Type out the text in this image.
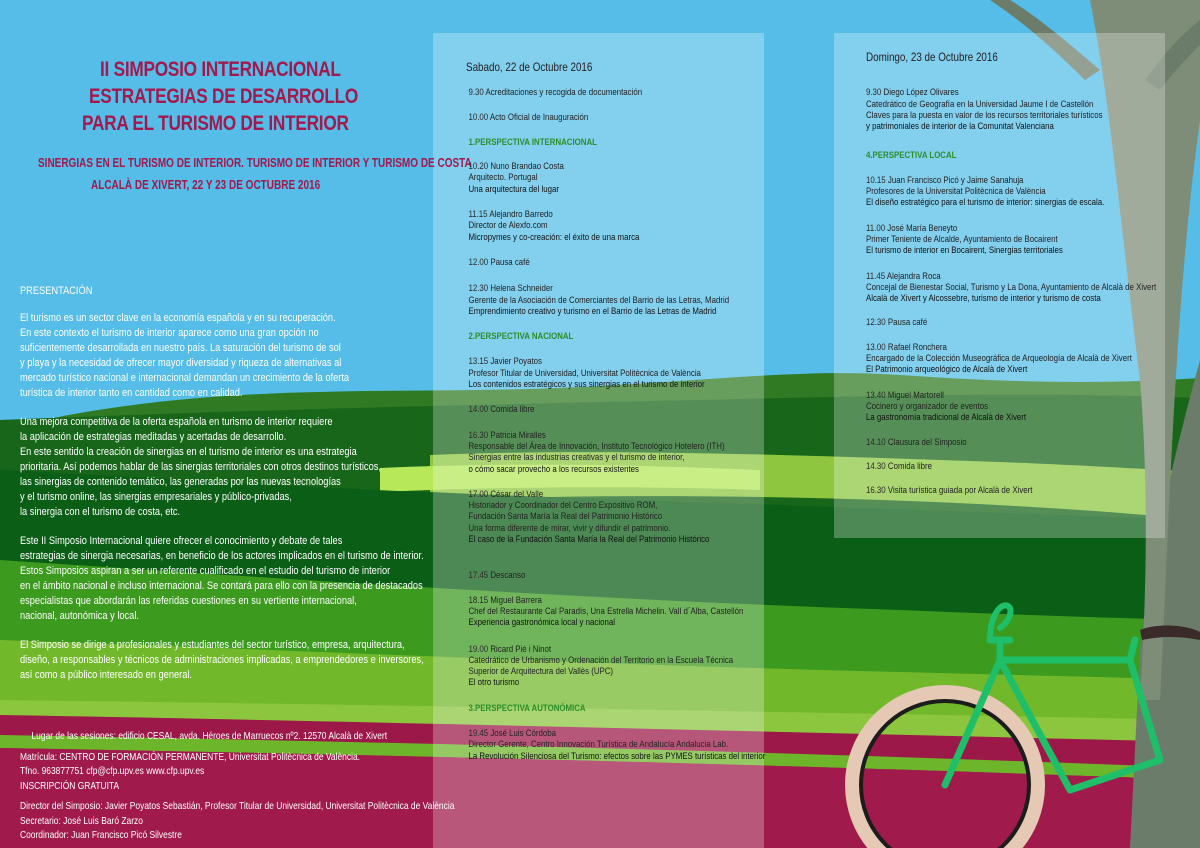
II SIMPOSIO INTERNACIONAL
ESTRATEGIAS DE DESARROLLO
PARA EL TURISMO DE INTERIOR
SINERGIAS EN EL TURISMO DE INTERIOR. TURISMO DE INTERIOR Y TURISMO DE COSTA
ALCALÀ DE XIVERT, 22 Y 23 DE OCTUBRE 2016
PRESENTACIÓN
El turismo es un sector clave en la economía española y en su recuperación.
En este contexto el turismo de interior aparece como una gran opción no
suficientemente desarrollada en nuestro país. La saturación del turismo de sol
y playa y la necesidad de ofrecer mayor diversidad y riqueza de alternativas al
mercado turístico nacional e internacional demandan un crecimiento de la oferta
turística de interior tanto en cantidad como en calidad.
Una mejora competitiva de la oferta española en turismo de interior requiere
la aplicación de estrategias meditadas y acertadas de desarrollo.
En este sentido la creación de sinergias en el turismo de interior es una estrategia
prioritaria. Así podemos hablar de las sinergias territoriales con otros destinos turísticos,
las sinergias de contenido temático, las generadas por las nuevas tecnologías
y el turismo online, las sinergias empresariales y público-privadas,
la sinergia con el turismo de costa, etc.
Este II Simposio Internacional quiere ofrecer el conocimiento y debate de tales
estrategias de sinergia necesarias, en beneficio de los actores implicados en el turismo de interior.
Estos Simposios aspiran a ser un referente cualificado en el estudio del turismo de interior
en el ámbito nacional e incluso internacional. Se contará para ello con la presencia de destacados
especialistas que abordarán las referidas cuestiones en su vertiente internacional,
nacional, autonómica y local.
El Simposio se dirige a profesionales y estudiantes del sector turístico, empresa, arquitectura,
diseño, a responsables y técnicos de administraciones implicadas, a emprendedores e inversores,
así como a público interesado en general.
Lugar de las sesiones: edificio CESAL, avda. Héroes de Marruecos nº2. 12570 Alcalà de Xivert
Matrícula: CENTRO DE FORMACIÓN PERMANENTE, Universitat Politècnica de València.
Tfno. 963877751 cfp@cfp.upv.es www.cfp.upv.es
INSCRIPCIÓN GRATUITA
Director del Simposio: Javier Poyatos Sebastián, Profesor Titular de Universidad, Universitat Politècnica de València
Secretario: José Luis Baró Zarzo
Coordinador: Juan Francisco Picó Silvestre
Sabado, 22 de Octubre 2016
9.30 Acreditaciones y recogida de documentación
10.00 Acto Oficial de Inauguración
1.PERSPECTIVA INTERNACIONAL
10.20 Nuno Brandao Costa
Arquitecto. Portugal
Una arquitectura del lugar
11.15 Alejandro Barredo
Director de Alexfo.com
Micropymes y co-creación: el éxito de una marca
12.00 Pausa café
12.30 Helena Schneider
Gerente de la Asociación de Comerciantes del Barrio de las Letras, Madrid
Emprendimiento creativo y turismo en el Barrio de las Letras de Madrid
2.PERSPECTIVA NACIONAL
13.15 Javier Poyatos
Profesor Titular de Universidad, Universitat Politècnica de València
Los contenidos estratégicos y sus sinergias en el turismo de interior
14.00 Comida libre
16.30 Patricia Miralles
Responsable del Área de Innovación, Instituto Tecnológico Hotelero (ITH)
Sinergias entre las industrias creativas y el turismo de interior,
o cómo sacar provecho a los recursos existentes
17.00 César del Valle
Historiador y Coordinador del Centro Expositivo ROM,
Fundación Santa María la Real del Patrimonio Histórico
Una forma diferente de mirar, vivir y difundir el patrimonio.
El caso de la Fundación Santa María la Real del Patrimonio Histórico
17.45 Descanso
18.15 Miguel Barrera
Chef del Restaurante Cal Paradís, Una Estrella Michelin. Vall d´Alba, Castellón
Experiencia gastronómica local y nacional
19.00 Ricard Pié i Ninot
Catedrático de Urbanismo y Ordenación del Territorio en la Escuela Técnica
Superior de Arquitectura del Vallès (UPC)
El otro turismo
3.PERSPECTIVA AUTONÓMICA
19.45 José Luis Córdoba
Director Gerente, Centro Innovación Turística de Andalucía Andalucia Lab.
La Revolución Silenciosa del Turismo: efectos sobre las PYMES turísticas del interior
Domingo, 23 de Octubre 2016
9.30 Diego López Olivares
Catedrático de Geografía en la Universidad Jaume I de Castellón
Claves para la puesta en valor de los recursos territoriales turísticos
y patrimoniales de interior de la Comunitat Valenciana
4.PERSPECTIVA LOCAL
10.15 Juan Francisco Picó y Jaime Sanahuja
Profesores de la Universitat Politècnica de València
El diseño estratégico para el turismo de interior: sinergias de escala.
11.00 José María Beneyto
Primer Teniente de Alcalde, Ayuntamiento de Bocairent
El turismo de interior en Bocairent, Sinergias territoriales
11.45 Alejandra Roca
Concejal de Bienestar Social, Turismo y La Dona, Ayuntamiento de Alcalà de Xivert
Alcalà de Xivert y Alcossebre, turismo de interior y turismo de costa
12.30 Pausa café
13.00 Rafael Ronchera
Encargado de la Colección Museográfica de Arqueología de Alcalà de Xivert
El Patrimonio arqueológico de Alcalà de Xivert
13.40 Miguel Martorell
Cocinero y organizador de eventos
La gastronomía tradicional de Alcalà de Xivert
14.10 Clausura del Simposio
14.30 Comida libre
16.30 Visita turística guiada por Alcalà de Xivert
